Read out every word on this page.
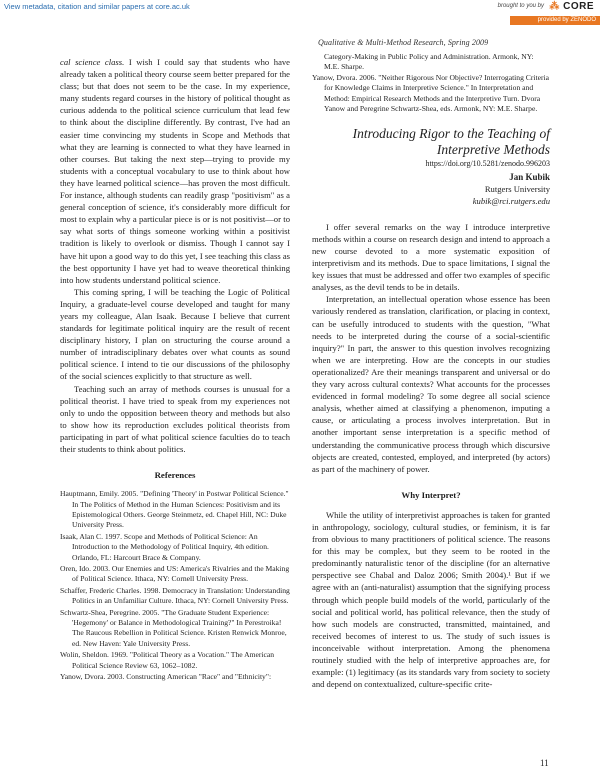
View metadata, citation and similar papers at core.ac.uk	brought to you by ⁂ CORE
provided by ZENODO
Qualitative & Multi-Method Research, Spring 2009

cal science class. I wish I could say that students who have already taken a political theory course seem better prepared for the class; but that does not seem to be the case. In my experience, many students regard courses in the history of political thought as curious addenda to the political science curriculum that lead few to think about the discipline differently. By contrast, I've had an easier time convincing my students in Scope and Methods that what they are learning is connected to what they have learned in other courses. But taking the next step—trying to provide my students with a conceptual vocabulary to use to think about how they have learned political science—has proven the most difficult. For instance, although students can readily grasp "positivism" as a general conception of science, it's considerably more difficult for most to explain why a particular piece is or is not positivist—or to say what sorts of things someone working within a positivist tradition is likely to overlook or dismiss. Though I cannot say I have hit upon a good way to do this yet, I see teaching this class as the best opportunity I have yet had to weave theoretical thinking into how students understand political science.

This coming spring, I will be teaching the Logic of Political Inquiry, a graduate-level course developed and taught for many years my colleague, Alan Isaak. Because I believe that current standards for legitimate political inquiry are the result of recent disciplinary history, I plan on structuring the course around a number of intradisciplinary debates over what counts as sound political science. I intend to tie our discussions of the philosophy of the social sciences explicitly to that structure as well.

Teaching such an array of methods courses is unusual for a political theorist. I have tried to speak from my experiences not only to undo the opposition between theory and methods but also to show how its reproduction excludes political theorists from participating in part of what political science faculties do to teach their students to think about politics.

References

Hauptmann, Emily. 2005. "Defining 'Theory' in Postwar Political Science." In The Politics of Method in the Human Sciences: Positivism and its Epistemological Others. George Steinmetz, ed. Chapel Hill, NC: Duke University Press.

Isaak, Alan C. 1997. Scope and Methods of Political Science: An Introduction to the Methodology of Political Inquiry, 4th edition. Orlando, FL: Harcourt Brace & Company.

Oren, Ido. 2003. Our Enemies and US: America's Rivalries and the Making of Political Science. Ithaca, NY: Cornell University Press.

Schaffer, Frederic Charles. 1998. Democracy in Translation: Understanding Politics in an Unfamiliar Culture. Ithaca, NY: Cornell University Press.

Schwartz-Shea, Peregrine. 2005. "The Graduate Student Experience: 'Hegemony' or Balance in Methodological Training?" In Perestroika! The Raucous Rebellion in Political Science. Kristen Renwick Monroe, ed. New Haven: Yale University Press.

Wolin, Sheldon. 1969. "Political Theory as a Vocation." The American Political Science Review 63, 1062–1082.

Yanow, Dvora. 2003. Constructing American "Race" and "Ethnicity":

Category-Making in Public Policy and Administration. Armonk, NY: M.E. Sharpe.

Yanow, Dvora. 2006. "Neither Rigorous Nor Objective? Interrogating Criteria for Knowledge Claims in Interpretive Science." In Interpretation and Method: Empirical Research Methods and the Interpretive Turn. Dvora Yanow and Peregrine Schwartz-Shea, eds. Armonk, NY: M.E. Sharpe.

Introducing Rigor to the Teaching of Interpretive Methods

https://doi.org/10.5281/zenodo.996203

Jan Kubik

Rutgers University

kubik@rci.rutgers.edu

I offer several remarks on the way I introduce interpretive methods within a course on research design and intend to approach a new course devoted to a more systematic exposition of interpretivism and its methods. Due to space limitations, I signal the key issues that must be addressed and offer two examples of specific analyses, as the devil tends to be in details.

Interpretation, an intellectual operation whose essence has been variously rendered as translation, clarification, or placing in context, can be usefully introduced to students with the question, "What needs to be interpreted during the course of a social-scientific inquiry?" In part, the answer to this question involves recognizing when we are interpreting. How are the concepts in our studies operationalized? Are their meanings transparent and universal or do they vary across cultural contexts? What accounts for the processes evidenced in formal modeling? To some degree all social science analysis, whether aimed at classifying a phenomenon, imputing a cause, or articulating a process involves interpretation. But in another important sense interpretation is a specific method of understanding the communicative process through which discursive objects are created, contested, employed, and interpreted (by actors) as part of the machinery of power.

Why Interpret?

While the utility of interpretivist approaches is taken for granted in anthropology, sociology, cultural studies, or feminism, it is far from obvious to many practitioners of political science. The reasons for this may be complex, but they seem to be rooted in the predominantly naturalistic tenor of the discipline (for an alternative perspective see Chabal and Daloz 2006; Smith 2004).¹ But if we agree with an (anti-naturalist) assumption that the signifying process through which people build models of the world, particularly of the social and political world, has political relevance, then the study of how such models are constructed, transmitted, maintained, and received becomes of interest to us. The study of such issues is inconceivable without interpretation. Among the phenomena routinely studied with the help of interpretive approaches are, for example: (1) legitimacy (as its standards vary from society to society and depend on contextualized, culture-specific crite-

11
